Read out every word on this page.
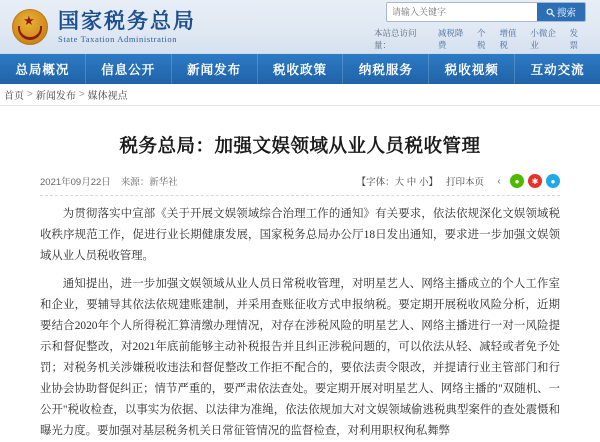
★ 国家税务总局
State Taxation Administration
请输入关键字
搜索
本站总访问量：
减税降费
个税
增值税
小微企业
发票
总局概况	信息公开	新闻发布	税收政策	纳税服务	税收视频	互动交流
首页 > 新闻发布 > 媒体视点
税务总局：加强文娱领域从业人员税收管理
2021年09月22日 来源：新华社	【字体：大 中 小】 打印本页	‹	●	✱	●

为贯彻落实中宣部《关于开展文娱领域综合治理工作的通知》有关要求，依法依规深化文娱领域税收秩序规范工作，促进行业长期健康发展，国家税务总局办公厅18日发出通知，要求进一步加强文娱领域从业人员税收管理。

通知提出，进一步加强文娱领域从业人员日常税收管理，对明星艺人、网络主播成立的个人工作室和企业，要辅导其依法依规建账建制，并采用查账征收方式申报纳税。要定期开展税收风险分析，近期要结合2020年个人所得税汇算清缴办理情况，对存在涉税风险的明星艺人、网络主播进行一对一风险提示和督促整改，对2021年底前能够主动补税报告并且纠正涉税问题的，可以依法从轻、减轻或者免予处罚；对税务机关涉嫌税收违法和督促整改工作拒不配合的，要依法责令限改，并提请行业主管部门和行业协会协助督促纠正；情节严重的，要严肃依法查处。要定期开展对明星艺人、网络主播的"双随机、一公开"税收检查，以事实为依据、以法律为准绳，依法依规加大对文娱领域偷逃税典型案件的查处震慑和曝光力度。要加强对基层税务机关日常征管情况的监督检查，对利用职权徇私舞弊
